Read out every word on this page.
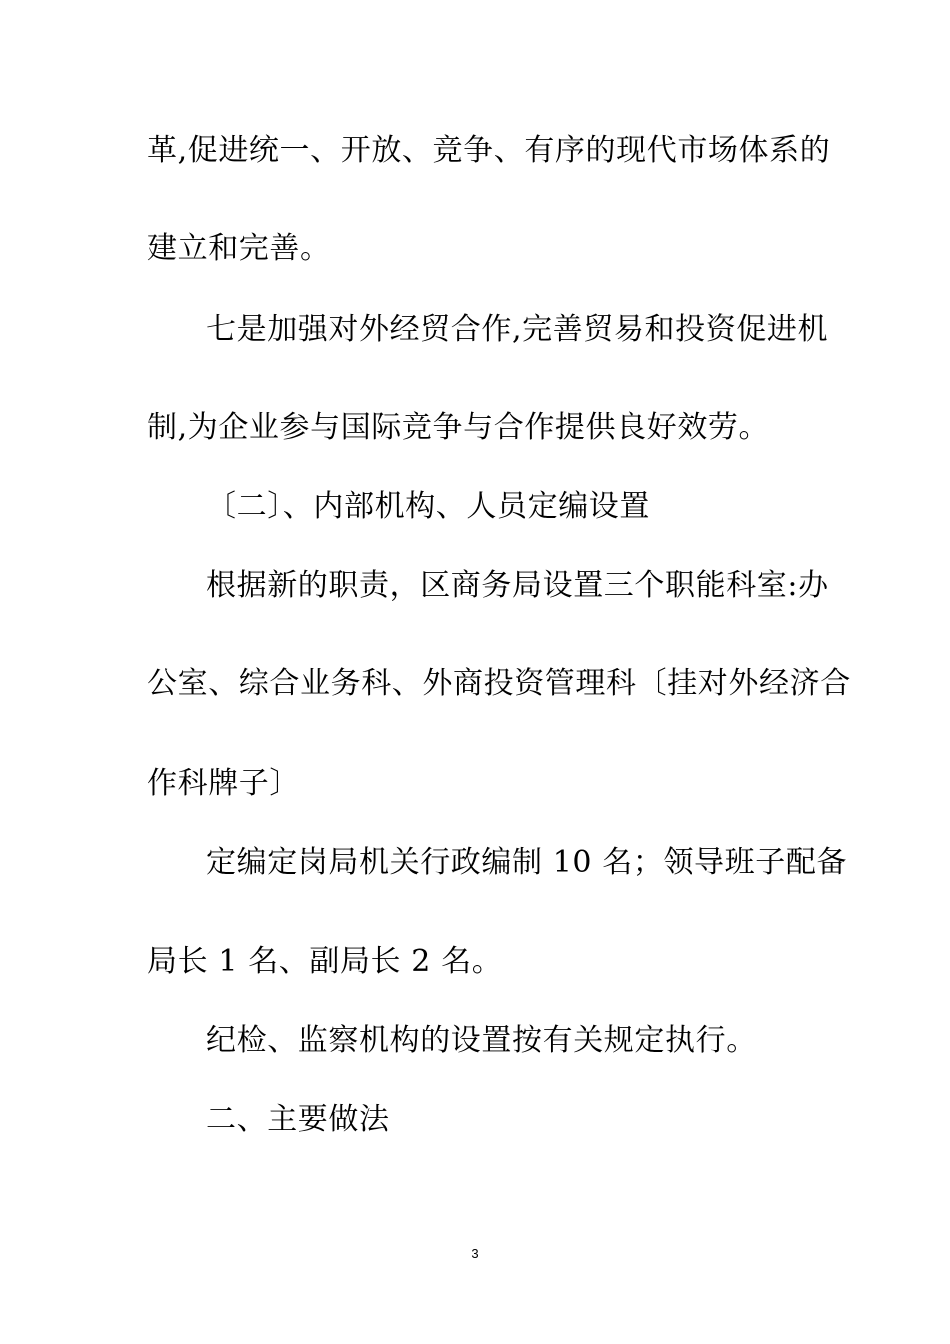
革,促进统一、开放、竞争、有序的现代市场体系的
建立和完善。
七是加强对外经贸合作,完善贸易和投资促进机
制,为企业参与国际竞争与合作提供良好效劳。
〔二〕、内部机构、人员定编设置
根据新的职责，区商务局设置三个职能科室:办
公室、综合业务科、外商投资管理科〔挂对外经济合
作科牌子〕
定编定岗局机关行政编制 10 名；领导班子配备
局长 1 名、副局长 2 名。
纪检、监察机构的设置按有关规定执行。
二、主要做法
3
